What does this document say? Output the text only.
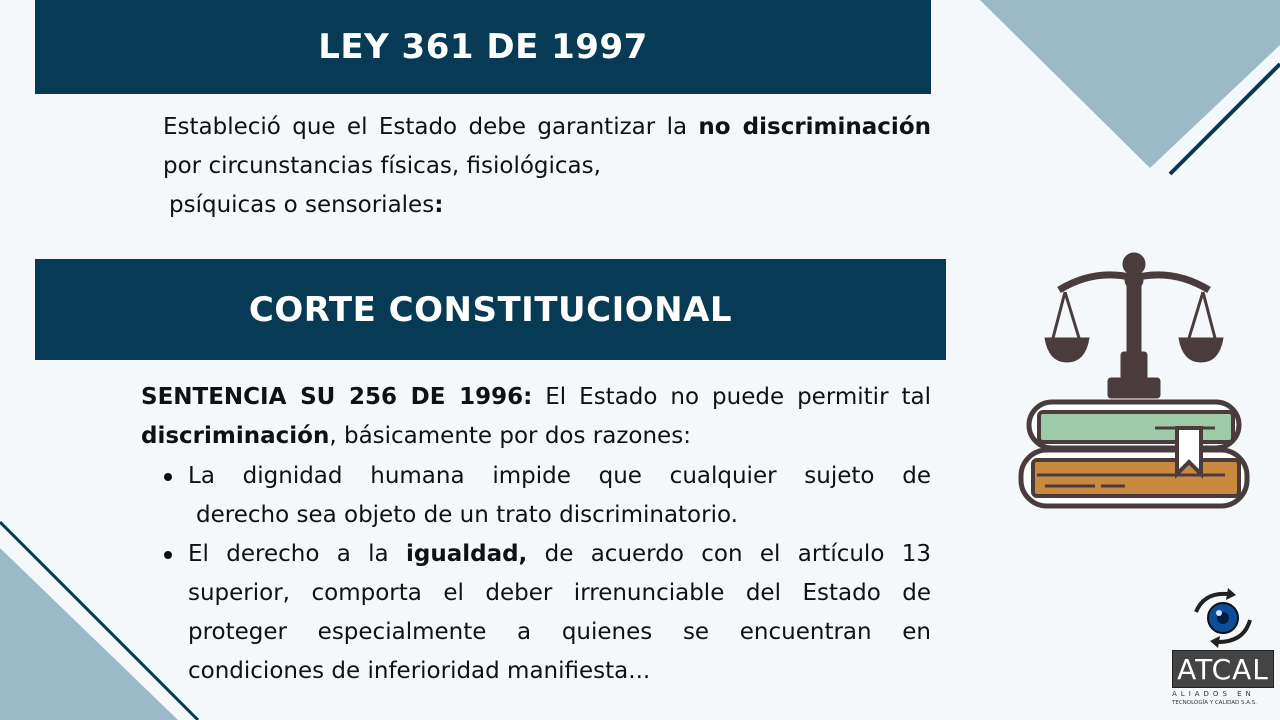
LEY 361 DE 1997

Estableció que el Estado debe garantizar la no discriminación por circunstancias físicas, fisiológicas,
psíquicas o sensoriales:

CORTE CONSTITUCIONAL

SENTENCIA SU 256 DE 1996: El Estado no puede permitir tal discriminación, básicamente por dos razones:

La dignidad humana impide que cualquier sujeto de
derecho sea objeto de un trato discriminatorio.
El derecho a la igualdad, de acuerdo con el artículo 13 superior, comporta el deber irrenunciable del Estado de proteger especialmente a quienes se encuentran en condiciones de inferioridad manifiesta...	ATCAL
ALIADOS EN
TECNOLOGÍA Y CALIDAD S.A.S.
